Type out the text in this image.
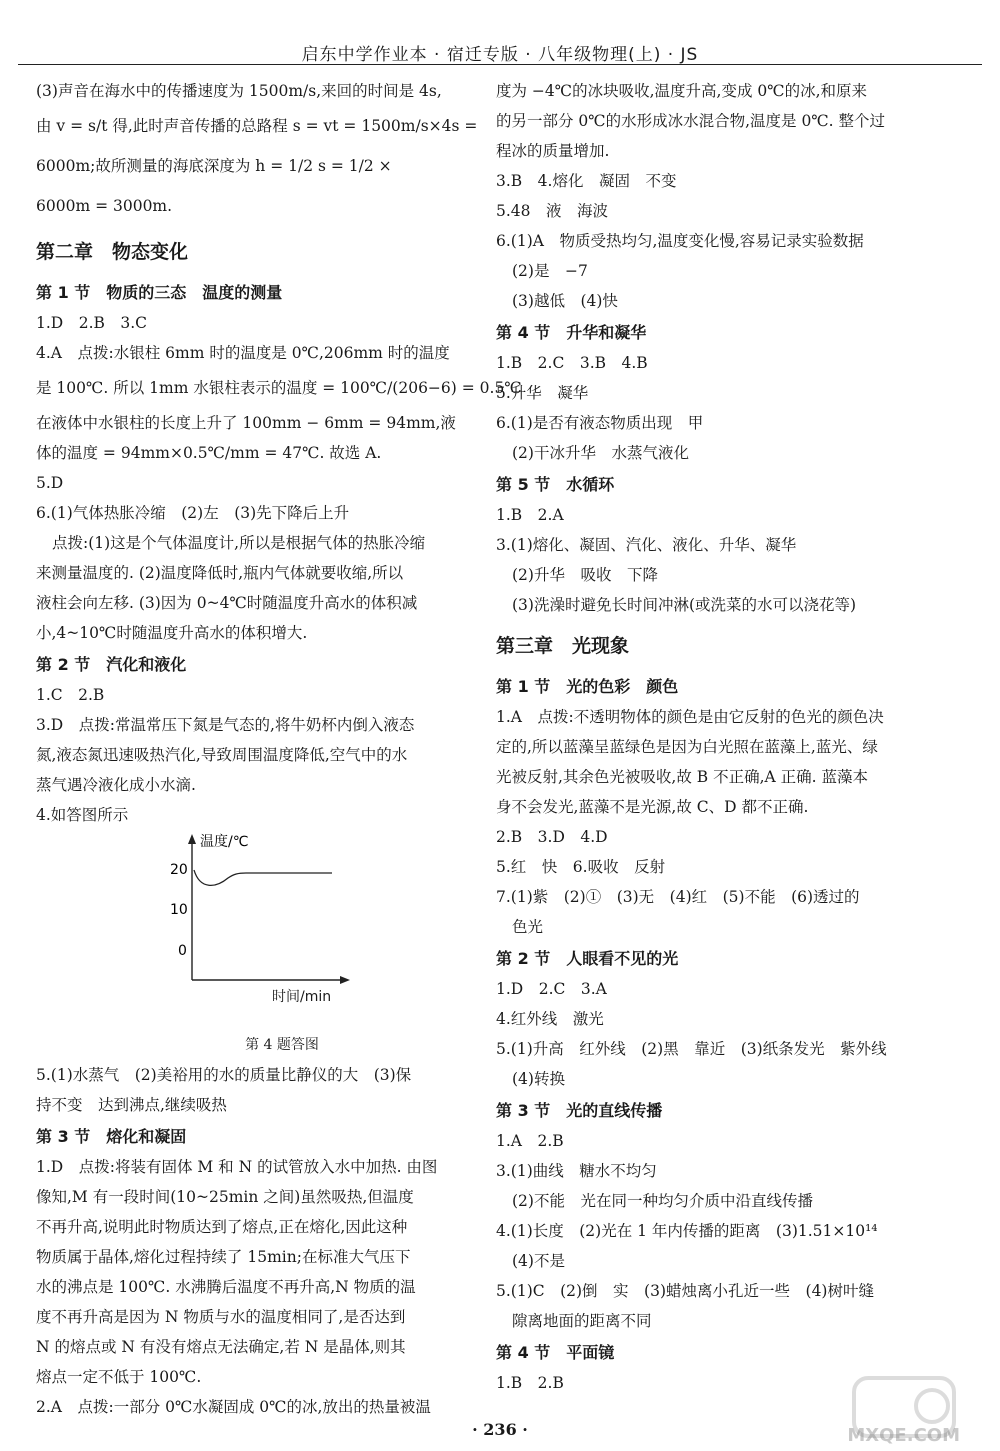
启东中学作业本 · 宿迁专版 · 八年级物理(上) · JS
(3)声音在海水中的传播速度为 1500m/s,来回的时间是 4s,
由 v = s/t 得,此时声音传播的总路程 s = vt = 1500m/s×4s =
6000m;故所测量的海底深度为 h = 1/2 s = 1/2 ×
6000m = 3000m.
第二章　物态变化
第 1 节　物质的三态　温度的测量
1.D　2.B　3.C
4.A　点拨:水银柱 6mm 时的温度是 0℃,206mm 时的温度
是 100℃. 所以 1mm 水银柱表示的温度 = 100℃/(206−6) = 0.5℃
在液体中水银柱的长度上升了 100mm − 6mm = 94mm,液
体的温度 = 94mm×0.5℃/mm = 47℃. 故选 A.
5.D
6.(1)气体热胀冷缩　(2)左　(3)先下降后上升
点拨:(1)这是个气体温度计,所以是根据气体的热胀冷缩
来测量温度的. (2)温度降低时,瓶内气体就要收缩,所以
液柱会向左移. (3)因为 0~4℃时随温度升高水的体积减
小,4~10℃时随温度升高水的体积增大.
第 2 节　汽化和液化
1.C　2.B
3.D　点拨:常温常压下氮是气态的,将牛奶杯内倒入液态
氮,液态氮迅速吸热汽化,导致周围温度降低,空气中的水
蒸气遇冷液化成小水滴.
4.如答图所示
温度/℃
20
10
0
时间/min
第 4 题答图
5.(1)水蒸气　(2)美裕用的水的质量比静仪的大　(3)保
持不变　达到沸点,继续吸热
第 3 节　熔化和凝固
1.D　点拨:将装有固体 M 和 N 的试管放入水中加热. 由图
像知,M 有一段时间(10~25min 之间)虽然吸热,但温度
不再升高,说明此时物质达到了熔点,正在熔化,因此这种
物质属于晶体,熔化过程持续了 15min;在标准大气压下
水的沸点是 100℃. 水沸腾后温度不再升高,N 物质的温
度不再升高是因为 N 物质与水的温度相同了,是否达到
N 的熔点或 N 有没有熔点无法确定,若 N 是晶体,则其
熔点一定不低于 100℃.
2.A　点拨:一部分 0℃水凝固成 0℃的冰,放出的热量被温
度为 −4℃的冰块吸收,温度升高,变成 0℃的冰,和原来
的另一部分 0℃的水形成冰水混合物,温度是 0℃. 整个过
程冰的质量增加.
3.B　4.熔化　凝固　不变
5.48　液　海波
6.(1)A　物质受热均匀,温度变化慢,容易记录实验数据
(2)是　−7
(3)越低　(4)快
第 4 节　升华和凝华
1.B　2.C　3.B　4.B
5.升华　凝华
6.(1)是否有液态物质出现　甲
(2)干冰升华　水蒸气液化
第 5 节　水循环
1.B　2.A
3.(1)熔化、凝固、汽化、液化、升华、凝华
(2)升华　吸收　下降
(3)洗澡时避免长时间冲淋(或洗菜的水可以浇花等)
第三章　光现象
第 1 节　光的色彩　颜色
1.A　点拨:不透明物体的颜色是由它反射的色光的颜色决
定的,所以蓝藻呈蓝绿色是因为白光照在蓝藻上,蓝光、绿
光被反射,其余色光被吸收,故 B 不正确,A 正确. 蓝藻本
身不会发光,蓝藻不是光源,故 C、D 都不正确.
2.B　3.D　4.D
5.红　快　6.吸收　反射
7.(1)紫　(2)①　(3)无　(4)红　(5)不能　(6)透过的
色光
第 2 节　人眼看不见的光
1.D　2.C　3.A
4.红外线　激光
5.(1)升高　红外线　(2)黑　靠近　(3)纸条发光　紫外线
(4)转换
第 3 节　光的直线传播
1.A　2.B
3.(1)曲线　糖水不均匀
(2)不能　光在同一种均匀介质中沿直线传播
4.(1)长度　(2)光在 1 年内传播的距离　(3)1.51×10¹⁴
(4)不是
5.(1)C　(2)倒　实　(3)蜡烛离小孔近一些　(4)树叶缝
隙离地面的距离不同
第 4 节　平面镜
1.B　2.B
· 236 ·	MXQE.COM
